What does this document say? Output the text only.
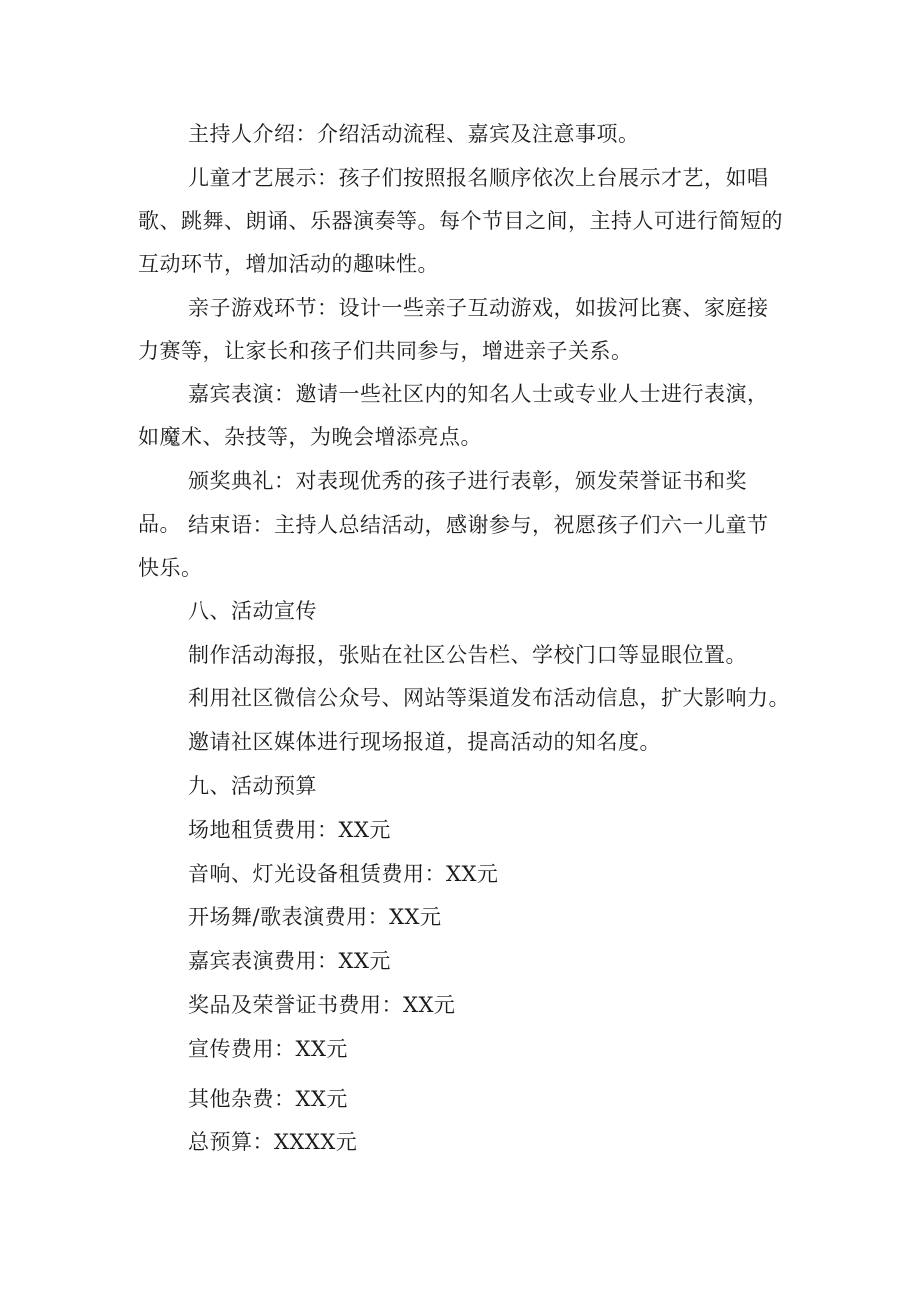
主持人介绍：介绍活动流程、嘉宾及注意事项。

儿童才艺展示：孩子们按照报名顺序依次上台展示才艺，如唱歌、跳舞、朗诵、乐器演奏等。每个节目之间，主持人可进行简短的互动环节，增加活动的趣味性。

亲子游戏环节：设计一些亲子互动游戏，如拔河比赛、家庭接力赛等，让家长和孩子们共同参与，增进亲子关系。

嘉宾表演：邀请一些社区内的知名人士或专业人士进行表演，如魔术、杂技等，为晚会增添亮点。

颁奖典礼：对表现优秀的孩子进行表彰，颁发荣誉证书和奖品。 结束语：主持人总结活动，感谢参与，祝愿孩子们六一儿童节快乐。

八、活动宣传

制作活动海报，张贴在社区公告栏、学校门口等显眼位置。

利用社区微信公众号、网站等渠道发布活动信息，扩大影响力。

邀请社区媒体进行现场报道，提高活动的知名度。

九、活动预算

场地租赁费用：XX元

音响、灯光设备租赁费用：XX元

开场舞/歌表演费用：XX元

嘉宾表演费用：XX元

奖品及荣誉证书费用：XX元

宣传费用：XX元

其他杂费：XX元

总预算：XXXX元
